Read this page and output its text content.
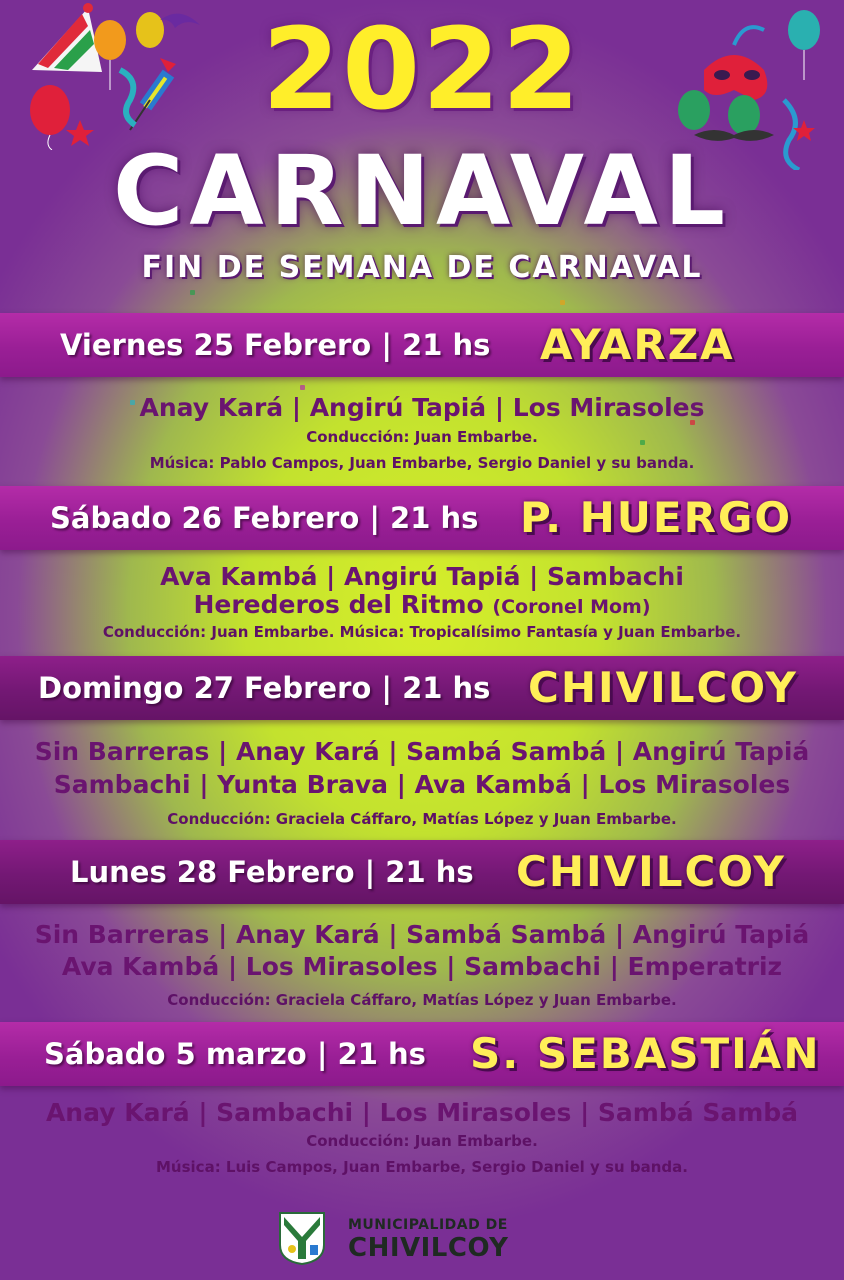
2022
CARNAVAL
FIN DE SEMANA DE CARNAVAL
Viernes 25 Febrero | 21 hs AYARZA
Anay Kará | Angirú Tapiá | Los Mirasoles
Conducción: Juan Embarbe.
Música: Pablo Campos, Juan Embarbe, Sergio Daniel y su banda.
Sábado 26 Febrero | 21 hs P. HUERGO
Ava Kambá | Angirú Tapiá | Sambachi
Herederos del Ritmo (Coronel Mom)
Conducción: Juan Embarbe. Música: Tropicalísimo Fantasía y Juan Embarbe.
Domingo 27 Febrero | 21 hs CHIVILCOY
Sin Barreras | Anay Kará | Sambá Sambá | Angirú Tapiá
Sambachi | Yunta Brava | Ava Kambá | Los Mirasoles
Conducción: Graciela Cáffaro, Matías López y Juan Embarbe.
Lunes 28 Febrero | 21 hs CHIVILCOY
Sin Barreras | Anay Kará | Sambá Sambá | Angirú Tapiá
Ava Kambá | Los Mirasoles | Sambachi | Emperatriz
Conducción: Graciela Cáffaro, Matías López y Juan Embarbe.
Sábado 5 marzo | 21 hs S. SEBASTIÁN
Anay Kará | Sambachi | Los Mirasoles | Sambá Sambá
Conducción: Juan Embarbe.
Música: Luis Campos, Juan Embarbe, Sergio Daniel y su banda.
MUNICIPALIDAD DE
CHIVILCOY
